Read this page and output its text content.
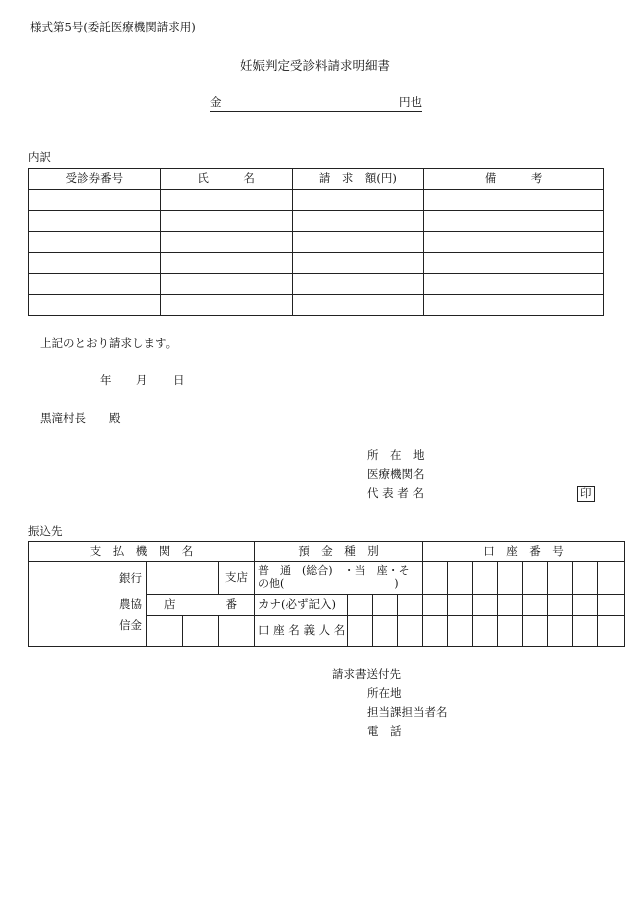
様式第5号(委託医療機関請求用)
妊娠判定受診料請求明細書
金	円也
内訳
受診券番号	氏　　　名	請　求　額(円)	備　　　考

上記のとおり請求します。
年 月 日
黒滝村長　　殿
所　在　地
医療機関名
代 表 者 名	印
振込先
支　払　機　関　名				預　金　種　別				口　座　番　号							
銀行			支店	普　通　(総合)　・当　座・そ
の他(　　　　　　　　　　)											
農協	店 番			カナ(必ず記入)											
信金				口 座 名 義 人 名											
請求書送付先
所在地
担当課担当者名
電　話
